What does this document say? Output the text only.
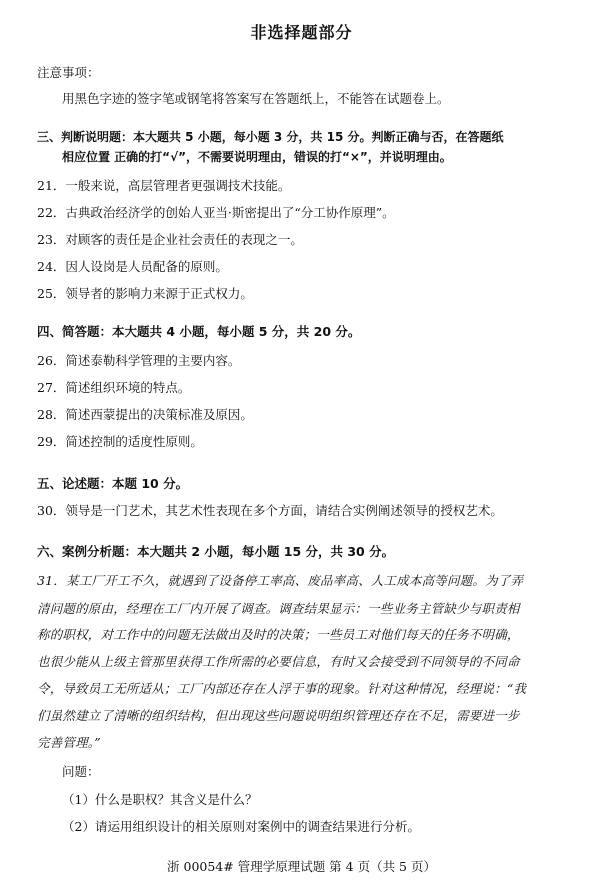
非选择题部分
注意事项：
用黑色字迹的签字笔或钢笔将答案写在答题纸上，不能答在试题卷上。
三、判断说明题：本大题共 5 小题，每小题 3 分，共 15 分。判断正确与否，在答题纸
相应位置 正确的打“√”，不需要说明理由，错误的打“×”，并说明理由。
21．一般来说，高层管理者更强调技术技能。
22．古典政治经济学的创始人亚当·斯密提出了“分工协作原理”。
23．对顾客的责任是企业社会责任的表现之一。
24．因人设岗是人员配备的原则。
25．领导者的影响力来源于正式权力。
四、简答题：本大题共 4 小题，每小题 5 分，共 20 分。
26．简述泰勒科学管理的主要内容。
27．简述组织环境的特点。
28．简述西蒙提出的决策标准及原因。
29．简述控制的适度性原则。
五、论述题：本题 10 分。
30．领导是一门艺术，其艺术性表现在多个方面，请结合实例阐述领导的授权艺术。
六、案例分析题：本大题共 2 小题，每小题 15 分，共 30 分。
31．某工厂开工不久，就遇到了设备停工率高、废品率高、人工成本高等问题。为了弄
清问题的原由，经理在工厂内开展了调查。调查结果显示：一些业务主管缺少与职责相
称的职权，对工作中的问题无法做出及时的决策；一些员工对他们每天的任务不明确，
也很少能从上级主管那里获得工作所需的必要信息，有时又会接受到不同领导的不同命
令，导致员工无所适从；工厂内部还存在人浮于事的现象。针对这种情况，经理说：“我
们虽然建立了清晰的组织结构，但出现这些问题说明组织管理还存在不足，需要进一步
完善管理。”
问题：
（1）什么是职权？其含义是什么？
（2）请运用组织设计的相关原则对案例中的调查结果进行分析。
浙 00054# 管理学原理试题 第 4 页（共 5 页）
